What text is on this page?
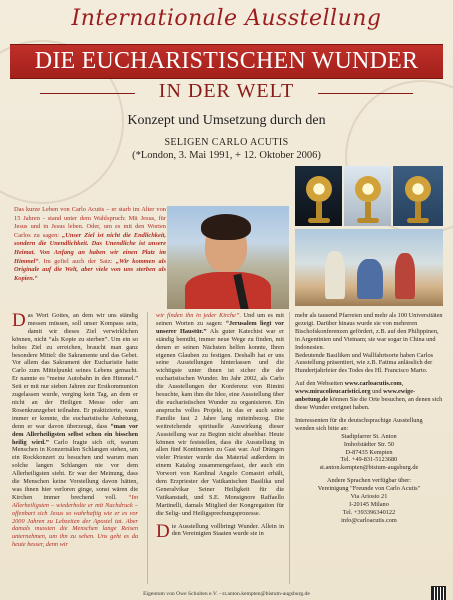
Internationale Ausstellung
DIE EUCHARISTISCHEN WUNDER
IN DER WELT
Konzept und Umsetzung durch den
SELIGEN CARLO ACUTIS
(*London, 3. Mai 1991, + 12. Oktober 2006)
Das kurze Leben von Carlo Acutis – er starb im Alter von 15 Jahren - stand unter dem Wahlspruch: Mit Jesus, für Jesus und in Jesus leben. Oder, um es mit den Worten Carlos zu sagen: „Unser Ziel ist nicht die Endlichkeit, sondern die Unendlichkeit. Das Unendliche ist unsere Heimat. Von Anfang an haben wir einen Platz im Himmel“. Im gefiel auch der Satz: „Wir kommen als Originale auf die Welt, aber viele von uns sterben als Kopien.“
Das Wort Gottes, an dem wir uns ständig messen müssen, soll unser Kompass sein, damit wir dieses Ziel verwirklichen können, nicht “als Kopie zu sterben”. Um ein so hohes Ziel zu erreichen, braucht man ganz besondere Mittel: die Sakramente und das Gebet. Vor allem das Sakrament der Eucharistie hatte Carlo zum Mittelpunkt seines Lebens gemacht. Er nannte es “meine Autobahn in den Himmel.” Seit er mit nur sieben Jahren zur Erstkommunion zugelassen wurde, verging kein Tag, an dem er nicht an der Heiligen Messe oder am Rosenkranzgebet teilnahm. Er praktizierte, wann immer er konnte, die eucharistische Anbetung, denn er war davon überzeugt, dass “man vor dem Allerheiligsten selbst schon ein bisschen heilig wird.” Carlo fragte sich oft, warum Menschen in Konzertsälen Schlangen stehen, um ein Rockkonzert zu besuchen und warum man solche langen Schlangen nie vor dem Allerheiligsten sieht. Er war der Meinung, dass die Menschen keine Vorstellung davon hätten, was ihnen hier verloren ginge, sonst wären die Kirchen immer brechend voll. “Im Allerheiligsten – wiederholte er mit Nachdruck – offenbart sich Jesus so wahrhaftig wie er es vor 2000 Jahren zu Lebzeiten der Apostel tat. Aber damals mussten die Menschen lange Reisen unternehmen, um ihn zu sehen. Uns geht es da heute besser, denn wir
wir finden ihn in jeder Kirche”. Und um es mit seinen Worten zu sagen: “Jerusalem liegt vor unserer Haustür.” Als guter Katechist war er ständig bemüht, immer neue Wege zu finden, mit denen er seinen Nächsten helfen konnte, Ihren eigenen Glauben zu festigen. Deshalb hat er uns seine Ausstellungen hinterlassen und die wichtigste unter ihnen ist sicher die der eucharistischen Wunder. Im Jahr 2002, als Carlo die Ausstellungen der Konferenz von Rimini besuchte, kam ihm die Idee, eine Ausstellung über die eucharistischen Wunder zu organisieren. Ein anspruchs volles Projekt, in das er auch seine Familie fast 2 Jahre lang miteinbezog. Die weitreichende spirituelle Auswirkung dieser Ausstellung war zu Beginn nicht absehbar. Heute können wir feststellen, dass die Ausstellung in allen fünf Kontinenten zu Gast war. Auf Drängen vieler Priester wurde das Material außerdem in einem Katalog zusammengefasst, der auch ein Vorwort von Kardinal Angelo Comastri erhält, dem Erzpriester der Vatikanischen Basilika und Generalvikar Seiner Heiligkeit für die Vatikanstadt, und S.E. Monsignore Raffaello Martinelli, damals Mitglied der Kongregation für die Selig- und Heiligsprechungsprozesse.
Die Ausstellung vollbringt Wunder. Allein in den Vereinigten Staaten wurde sie in
mehr als tausend Pfarreien und mehr als 100 Universitäten gezeigt. Darüber hinaus wurde sie von mehreren Bischofskonferenzen gefördert, z.B. auf den Philippinen, in Argentinien und Vietnam; sie war sogar in China und Indonesien.
Bedeutende Basiliken und Wallfahrtsorte haben Carlos Ausstellung präsentiert, wie z.B. Fatima anlässlich der Hundertjahrfeier des Todes des Hl. Francisco Marto.
Auf den Webseiten www.carloacutis.com, www.miracolieucaristici.org und www.ewige-anbetung.de können Sie die Orte besuchen, an denen sich diese Wunder ereignet haben.
Interessenten für die deutschsprachige Ausstellung wenden sich bitte an:
Stadtpfarrer St. Anton
Imhofstädter Str. 50
D-87435 Kempten
Tel. +49-831-5123680
st.anton.kempten@bistum-augsburg.de
Andere Sprachen verfügbar über:
Vereinigung "Freunde von Carlo Acutis"
Via Ariosto 21
I-20145 Milano
Tel. +393396340122
info@carloacutis.com
Eigentum von Owe Schulten e.V. - st.anton.kempten@bistum-augsburg.de
